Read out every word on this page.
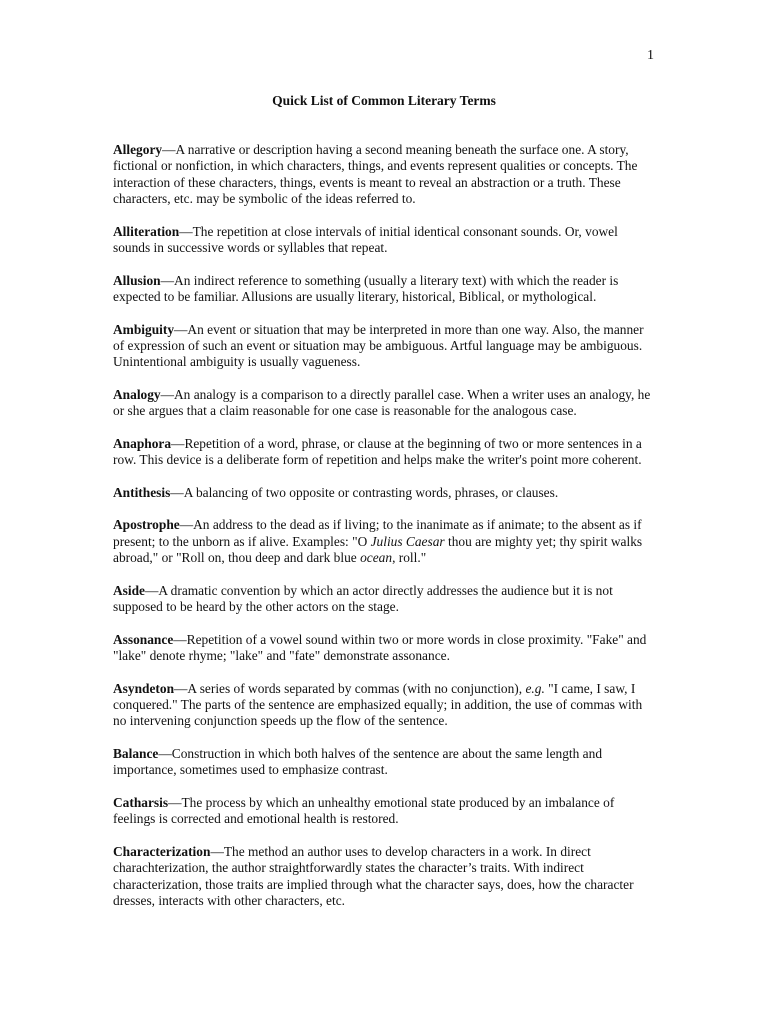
1
Quick List of Common Literary Terms

Allegory—A narrative or description having a second meaning beneath the surface one. A story, fictional or nonfiction, in which characters, things, and events represent qualities or concepts. The interaction of these characters, things, events is meant to reveal an abstraction or a truth. These characters, etc. may be symbolic of the ideas referred to.

Alliteration—The repetition at close intervals of initial identical consonant sounds. Or, vowel sounds in successive words or syllables that repeat.

Allusion—An indirect reference to something (usually a literary text) with which the reader is expected to be familiar. Allusions are usually literary, historical, Biblical, or mythological.

Ambiguity—An event or situation that may be interpreted in more than one way. Also, the manner of expression of such an event or situation may be ambiguous. Artful language may be ambiguous. Unintentional ambiguity is usually vagueness.

Analogy—An analogy is a comparison to a directly parallel case. When a writer uses an analogy, he or she argues that a claim reasonable for one case is reasonable for the analogous case.

Anaphora—Repetition of a word, phrase, or clause at the beginning of two or more sentences in a row. This device is a deliberate form of repetition and helps make the writer's point more coherent.

Antithesis—A balancing of two opposite or contrasting words, phrases, or clauses.

Apostrophe—An address to the dead as if living; to the inanimate as if animate; to the absent as if present; to the unborn as if alive. Examples: "O Julius Caesar thou are mighty yet; thy spirit walks abroad," or "Roll on, thou deep and dark blue ocean, roll."

Aside—A dramatic convention by which an actor directly addresses the audience but it is not supposed to be heard by the other actors on the stage.

Assonance—Repetition of a vowel sound within two or more words in close proximity. "Fake" and "lake" denote rhyme; "lake" and "fate" demonstrate assonance.

Asyndeton—A series of words separated by commas (with no conjunction), e.g. "I came, I saw, I conquered." The parts of the sentence are emphasized equally; in addition, the use of commas with no intervening conjunction speeds up the flow of the sentence.

Balance—Construction in which both halves of the sentence are about the same length and importance, sometimes used to emphasize contrast.

Catharsis—The process by which an unhealthy emotional state produced by an imbalance of feelings is corrected and emotional health is restored.

Characterization—The method an author uses to develop characters in a work. In direct charachterization, the author straightforwardly states the character’s traits. With indirect characterization, those traits are implied through what the character says, does, how the character dresses, interacts with other characters, etc.
